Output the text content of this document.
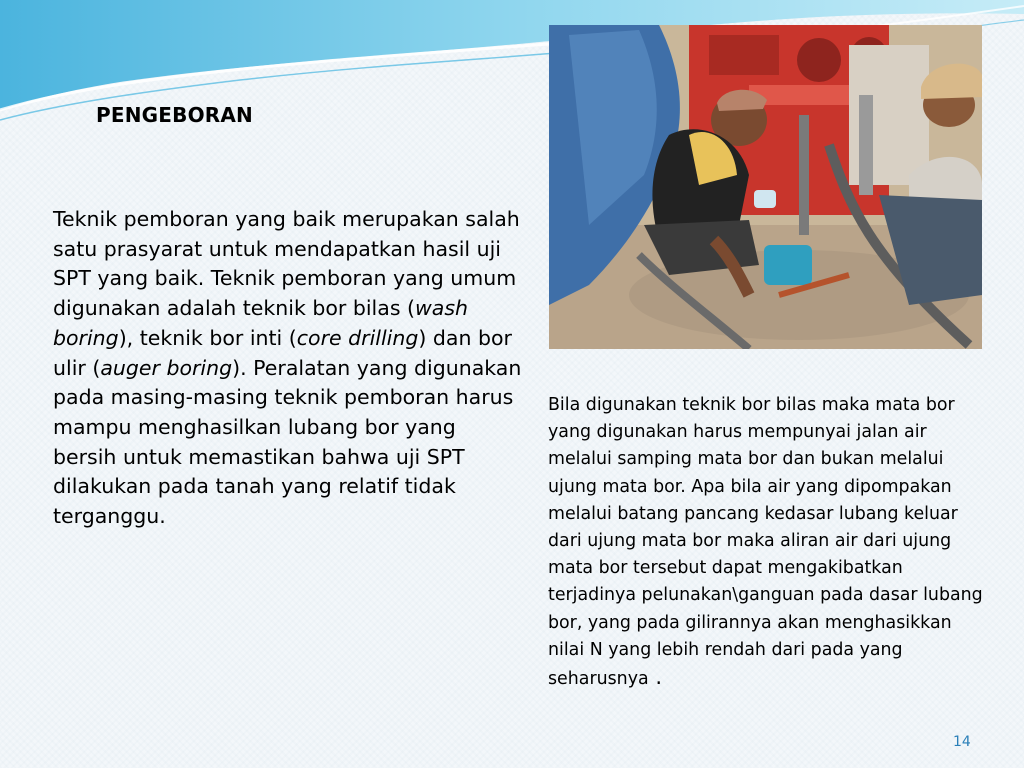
PENGEBORAN
Teknik pemboran yang baik merupakan salah satu prasyarat untuk mendapatkan hasil uji SPT yang baik. Teknik pemboran yang umum digunakan adalah teknik bor bilas (wash boring), teknik bor inti (core drilling) dan bor ulir (auger boring). Peralatan yang digunakan pada masing-masing teknik pemboran harus mampu menghasilkan lubang bor yang bersih untuk memastikan bahwa uji SPT dilakukan pada tanah yang relatif tidak terganggu.
Bila digunakan teknik bor bilas maka mata bor yang digunakan harus mempunyai jalan air melalui samping mata bor dan bukan melalui ujung mata bor. Apa bila air yang dipompakan melalui batang pancang kedasar lubang keluar dari ujung mata bor maka aliran air dari ujung mata bor tersebut dapat mengakibatkan terjadinya pelunakan\ganguan pada dasar lubang bor, yang pada gilirannya akan menghasikkan nilai N yang lebih rendah dari pada yang seharusnya .
14
